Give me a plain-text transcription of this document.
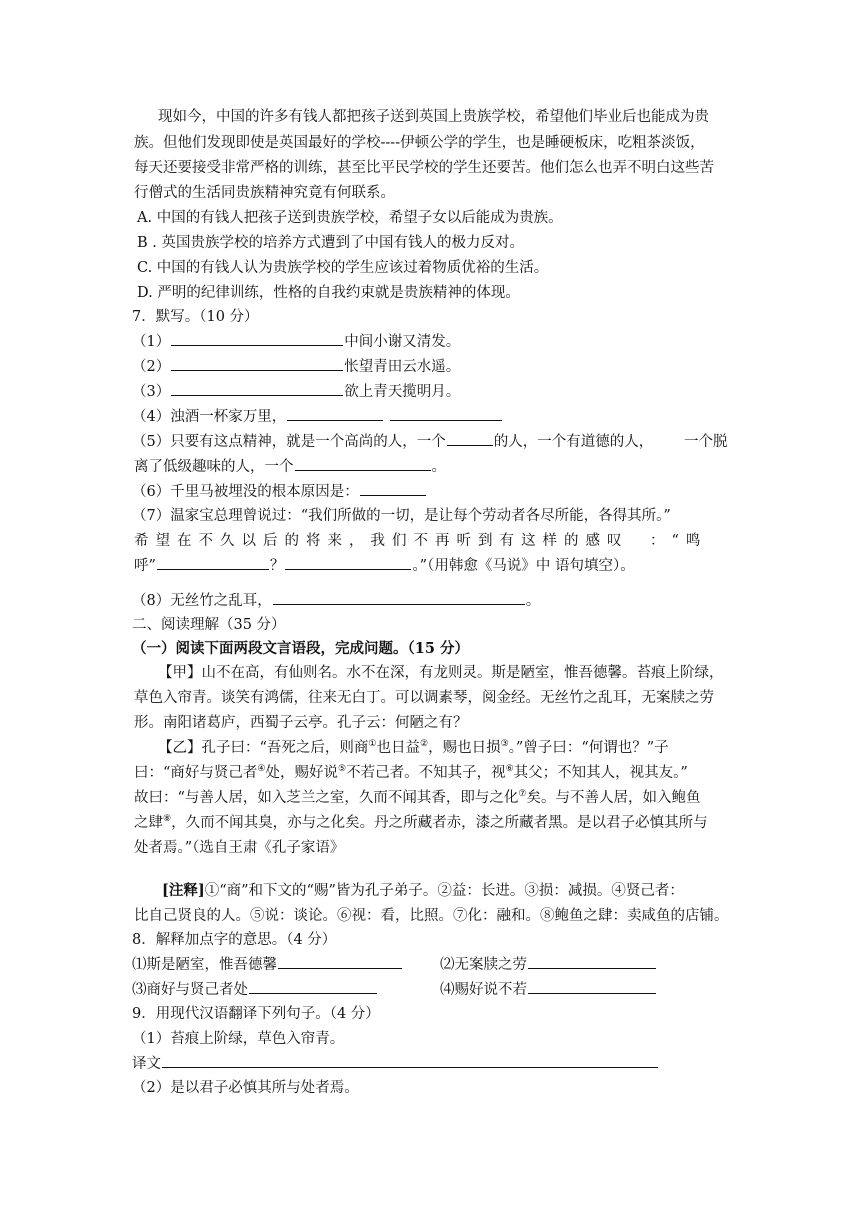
现如今，中国的许多有钱人都把孩子送到英国上贵族学校，希望他们毕业后也能成为贵
族。但他们发现即使是英国最好的学校----伊顿公学的学生，也是睡硬板床，吃粗茶淡饭，
每天还要接受非常严格的训练，甚至比平民学校的学生还要苦。他们怎么也弄不明白这些苦
行僧式的生活同贵族精神究竟有何联系。
A. 中国的有钱人把孩子送到贵族学校，希望子女以后能成为贵族。
B . 英国贵族学校的培养方式遭到了中国有钱人的极力反对。
C. 中国的有钱人认为贵族学校的学生应该过着物质优裕的生活。
D. 严明的纪律训练，性格的自我约束就是贵族精神的体现。
7．默写。（10 分）
（1）	中间小谢又清发。
（2）	怅望青田云水遥。
（3）	欲上青天揽明月。
（4）浊酒一杯家万里，
（5）只要有这点精神，就是一个高尚的人，一个	的人，一个有道德的人， 一个脱
离了低级趣味的人，一个	。
（6）千里马被埋没的根本原因是：
（7）温家宝总理曾说过：“我们所做的一切，是让每个劳动者各尽所能，各得其所。”
希望在不久以后的将来，我们不再听到有这样的感叹 ：“鸣
呼”	？	。”（用韩愈《马说》中 语句填空）。
（8）无丝竹之乱耳，	。
二、阅读理解（35 分）
（一）阅读下面两段文言语段，完成问题。（15 分）
【甲】山不在高，有仙则名。水不在深，有龙则灵。斯是陋室，惟吾德馨。苔痕上阶绿，
草色入帘青。谈笑有鸿儒，往来无白丁。可以调素琴，阅金经。无丝竹之乱耳，无案牍之劳
形。南阳诸葛庐，西蜀子云亭。孔子云：何陋之有？
【乙】孔子曰：“吾死之后，则商①也日益②，赐也日损③。”曾子曰：“何谓也？”子
曰：“商好与贤己者④处，赐好说⑤不若己者。不知其子，视⑥其父；不知其人，视其友。”
故曰：“与善人居，如入芝兰之室，久而不闻其香，即与之化⑦矣。与不善人居，如入鲍鱼
之肆⑧，久而不闻其臭，亦与之化矣。丹之所藏者赤，漆之所藏者黑。是以君子必慎其所与
处者焉。”（选自王肃《孔子家语》
[注释]①“商”和下文的“赐”皆为孔子弟子。②益：长进。③损：减损。④贤己者：
比自己贤良的人。⑤说：谈论。⑥视：看，比照。⑦化：融和。⑧鲍鱼之肆：卖咸鱼的店铺。
8．解释加点字的意思。（4 分）
⑴斯是陋室，惟吾德馨	⑵无案牍之劳
⑶商好与贤己者处	⑷赐好说不若
9．用现代汉语翻译下列句子。（4 分）
（1）苔痕上阶绿，草色入帘青。
译文
（2）是以君子必慎其所与处者焉。
